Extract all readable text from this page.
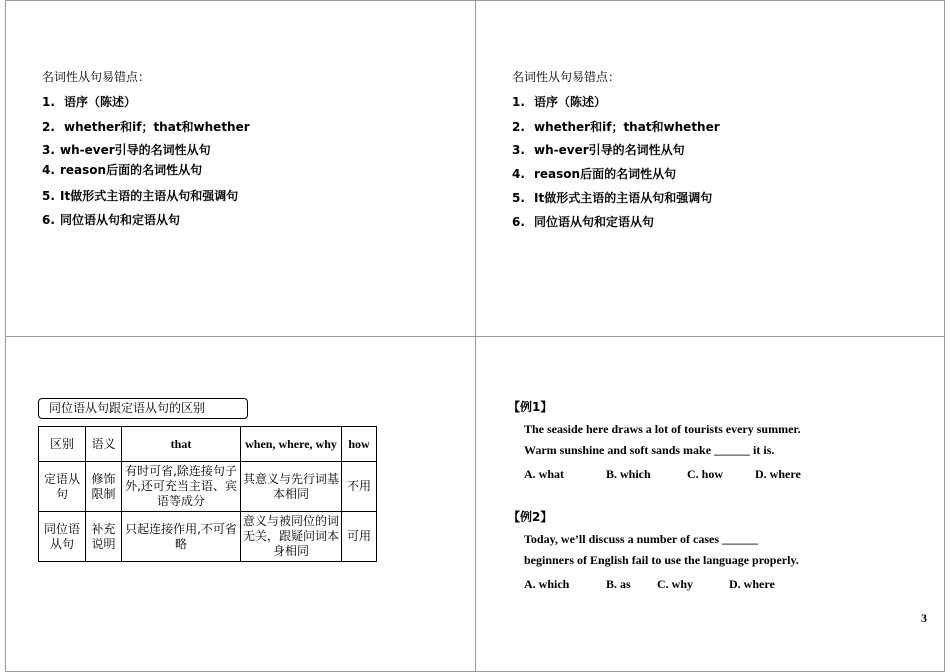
名词性从句易错点：
1. 语序（陈述）
2. whether和if；that和whether
3. wh-ever引导的名词性从句
4. reason后面的名词性从句
5. It做形式主语的主语从句和强调句
6. 同位语从句和定语从句
名词性从句易错点：
1. 语序（陈述）
2. whether和if；that和whether
3. wh-ever引导的名词性从句
4. reason后面的名词性从句
5. It做形式主语的主语从句和强调句
6. 同位语从句和定语从句
同位语从句跟定语从句的区别
区别	语义	that	when, where, why	how
定语从句	修饰限制	有时可省,除连接句子外,还可充当主语、宾语等成分	其意义与先行词基本相同	不用
同位语从句	补充说明	只起连接作用,不可省略	意义与被同位的词无关，跟疑问词本身相同	可用
【例1】
The seaside here draws a lot of tourists every summer.
Warm sunshine and soft sands make ______ it is.
A. what	B. which	C. how	D. where
【例2】
Today, we’ll discuss a number of cases ______
beginners of English fail to use the language properly.
A. which	B. as C. why	D. where
3
